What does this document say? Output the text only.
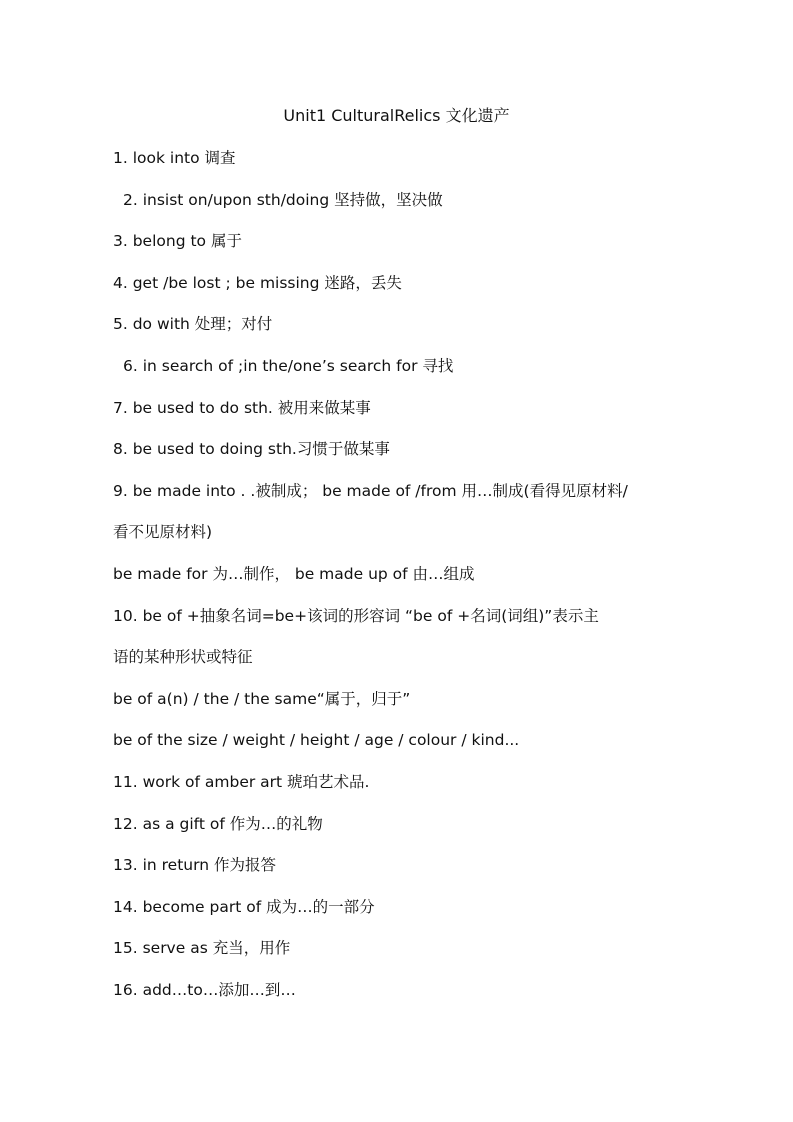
Unit1 CulturalRelics 文化遗产
1. look into 调查
2. insist on/upon sth/doing 坚持做，坚决做
3. belong to 属于
4. get /be lost ; be missing 迷路，丢失
5. do with 处理；对付
6. in search of ;in the/one’s search for 寻找
7. be used to do sth. 被用来做某事
8. be used to doing sth.习惯于做某事
9. be made into . .被制成； be made of /from 用…制成(看得见原材料/
看不见原材料)
be made for 为…制作， be made up of 由…组成
10. be of +抽象名词=be+该词的形容词 “be of +名词(词组)”表示主
语的某种形状或特征
be of a(n) / the / the same“属于，归于”
be of the size / weight / height / age / colour / kind...
11. work of amber art 琥珀艺术品.
12. as a gift of 作为…的礼物
13. in return 作为报答
14. become part of 成为…的一部分
15. serve as 充当，用作
16. add…to…添加…到…
